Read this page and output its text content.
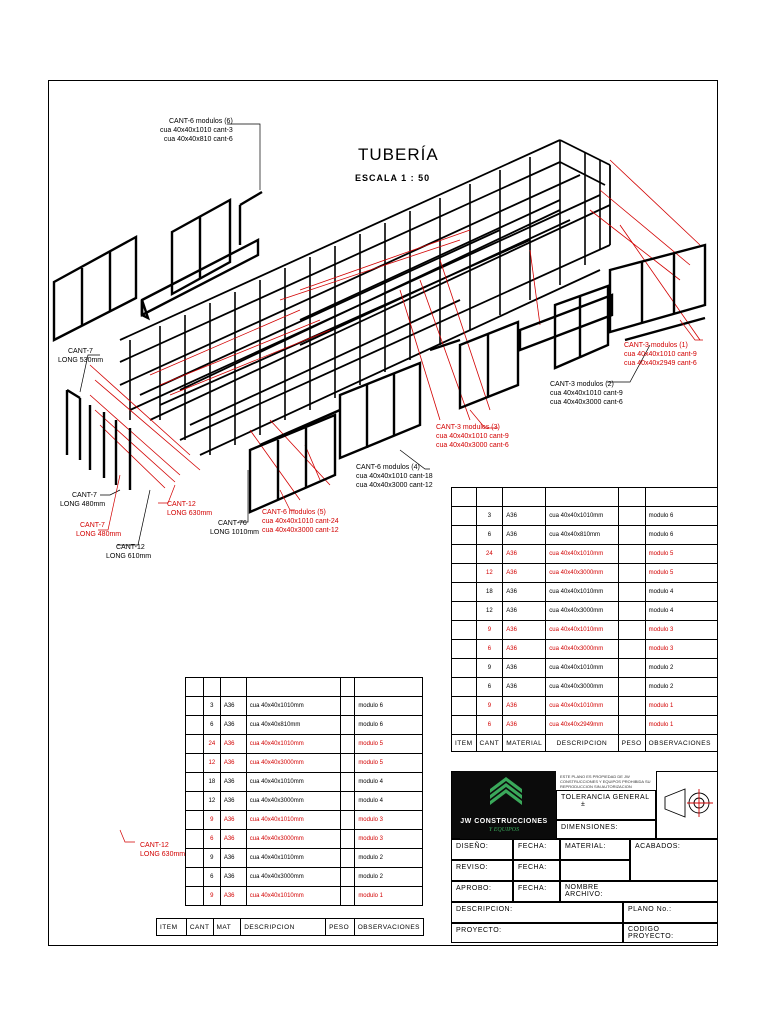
TUBERÍA
ESCALA 1 : 50
CANT-6 modulos (6)
cua 40x40x1010 cant-3
cua 40x40x810 cant-6
CANT-3 modulos (1)
cua 40x40x1010 cant-9
cua 40x40x2949 cant-6
CANT-3 modulos (2)
cua 40x40x1010 cant-9
cua 40x40x3000 cant-6
CANT-3 modulos (3)
cua 40x40x1010 cant-9
cua 40x40x3000 cant-6
CANT-6 modulos (4)
cua 40x40x1010 cant-18
cua 40x40x3000 cant-12
CANT-6 modulos (5)
cua 40x40x1010 cant-24
cua 40x40x3000 cant-12
CANT-7
LONG 530mm
CANT-7
LONG 480mm
CANT-7
LONG 480mm
CANT-12
LONG 630mm
CANT-76
LONG 1010mm
CANT-12
LONG 610mm
CANT-12
LONG 630mm

	3	A36	cua 40x40x1010mm		modulo 6
	6	A36	cua 40x40x810mm		modulo 6
	24	A36	cua 40x40x1010mm		modulo 5
	12	A36	cua 40x40x3000mm		modulo 5
	18	A36	cua 40x40x1010mm		modulo 4
	12	A36	cua 40x40x3000mm		modulo 4
	9	A36	cua 40x40x1010mm		modulo 3
	6	A36	cua 40x40x3000mm		modulo 3
	9	A36	cua 40x40x1010mm		modulo 2
	6	A36	cua 40x40x3000mm		modulo 2
	9	A36	cua 40x40x1010mm		modulo 1
	6	A36	cua 40x40x2949mm		modulo 1
ITEM	CANT	MATERIAL	DESCRIPCION	PESO	OBSERVACIONES

	3	A36	cua 40x40x1010mm		modulo 6
	6	A36	cua 40x40x810mm		modulo 6
	24	A36	cua 40x40x1010mm		modulo 5
	12	A36	cua 40x40x3000mm		modulo 5
	18	A36	cua 40x40x1010mm		modulo 4
	12	A36	cua 40x40x3000mm		modulo 4
	9	A36	cua 40x40x1010mm		modulo 3
	6	A36	cua 40x40x3000mm		modulo 3
	9	A36	cua 40x40x1010mm		modulo 2
	6	A36	cua 40x40x3000mm		modulo 2
	9	A36	cua 40x40x1010mm		modulo 1
ITEM	CANT	MAT	DESCRIPCION	PESO	OBSERVACIONES
JW CONSTRUCCIONES
Y EQUIPOS
ESTE PLANO ES PROPIEDAD DE JW CONSTRUCCIONES Y EQUIPOS PROHIBIDA SU REPRODUCCION SIN AUTORIZACION
TOLERANCIA GENERAL
±
DIMENSIONES:
DISEÑO:	FECHA:	MATERIAL:	ACABADOS:
REVISO:	FECHA:
APROBO:	FECHA:	NOMBRE ARCHIVO:
DESCRIPCION:	PLANO No.:
PROYECTO:	CODIGO PROYECTO:
